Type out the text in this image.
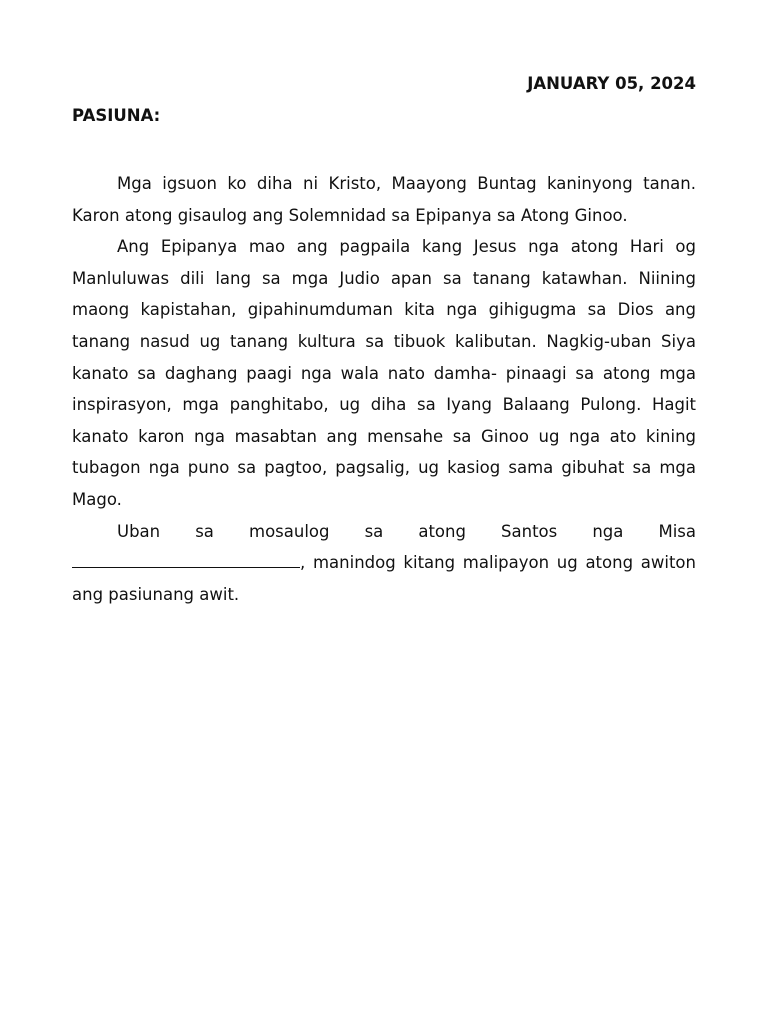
JANUARY 05, 2024

PASIUNA:

Mga igsuon ko diha ni Kristo, Maayong Buntag kaninyong tanan. Karon atong gisaulog ang Solemnidad sa Epipanya sa Atong Ginoo.

Ang Epipanya mao ang pagpaila kang Jesus nga atong Hari og Manluluwas dili lang sa mga Judio apan sa tanang katawhan. Niining maong kapistahan, gipahinumduman kita nga gihigugma sa Dios ang tanang nasud ug tanang kultura sa tibuok kalibutan. Nagkig-uban Siya kanato sa daghang paagi nga wala nato damha- pinaagi sa atong mga inspirasyon, mga panghitabo, ug diha sa Iyang Balaang Pulong. Hagit kanato karon nga masabtan ang mensahe sa Ginoo ug nga ato kining tubagon nga puno sa pagtoo, pagsalig, ug kasiog sama gibuhat sa mga Mago.

Uban sa mosaulog sa atong Santos nga Misa , manindog kitang malipayon ug atong awiton ang pasiunang awit.
